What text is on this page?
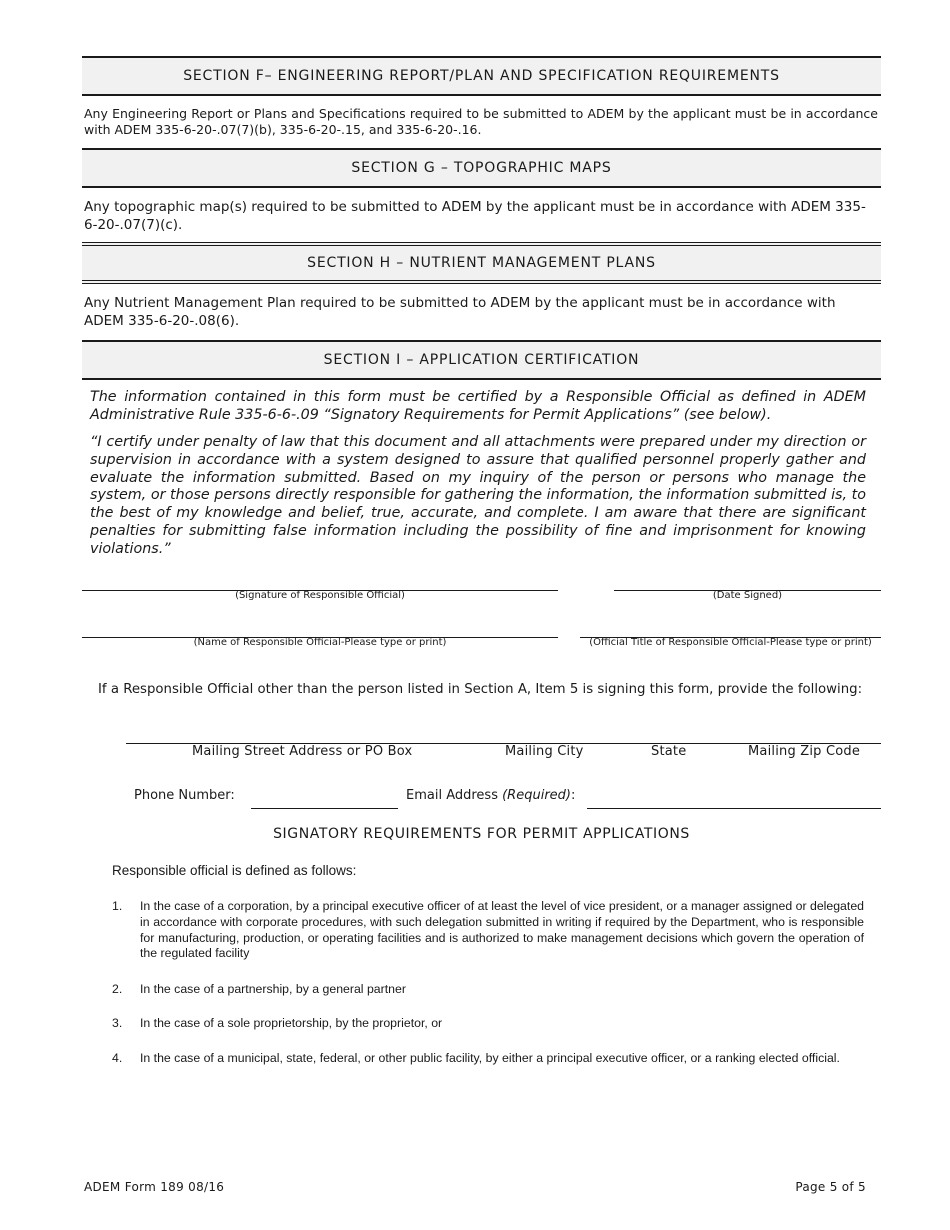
SECTION F– ENGINEERING REPORT/PLAN AND SPECIFICATION REQUIREMENTS

Any Engineering Report or Plans and Specifications required to be submitted to ADEM by the applicant must be in accordance with ADEM 335-6-20-.07(7)(b), 335-6-20-.15, and 335-6-20-.16.

SECTION G – TOPOGRAPHIC MAPS

Any topographic map(s) required to be submitted to ADEM by the applicant must be in accordance with ADEM 335-6-20-.07(7)(c).

SECTION H – NUTRIENT MANAGEMENT PLANS

Any Nutrient Management Plan required to be submitted to ADEM by the applicant must be in accordance with ADEM 335-6-20-.08(6).

SECTION I – APPLICATION CERTIFICATION

The information contained in this form must be certified by a Responsible Official as defined in ADEM Administrative Rule 335-6-6-.09 “Signatory Requirements for Permit Applications” (see below).

“I certify under penalty of law that this document and all attachments were prepared under my direction or supervision in accordance with a system designed to assure that qualified personnel properly gather and evaluate the information submitted. Based on my inquiry of the person or persons who manage the system, or those persons directly responsible for gathering the information, the information submitted is, to the best of my knowledge and belief, true, accurate, and complete. I am aware that there are significant penalties for submitting false information including the possibility of fine and imprisonment for knowing violations.”

(Signature of Responsible Official)	(Date Signed)
(Name of Responsible Official-Please type or print)	(Official Title of Responsible Official-Please type or print)
If a Responsible Official other than the person listed in Section A, Item 5 is signing this form, provide the following:
Mailing Street Address or PO Box	Mailing City	State	Mailing Zip Code
Phone Number:	Email Address (Required):
SIGNATORY REQUIREMENTS FOR PERMIT APPLICATIONS
Responsible official is defined as follows:
1. In the case of a corporation, by a principal executive officer of at least the level of vice president, or a manager assigned or delegated in accordance with corporate procedures, with such delegation submitted in writing if required by the Department, who is responsible for manufacturing, production, or operating facilities and is authorized to make management decisions which govern the operation of the regulated facility
2. In the case of a partnership, by a general partner
3. In the case of a sole proprietorship, by the proprietor, or
4. In the case of a municipal, state, federal, or other public facility, by either a principal executive officer, or a ranking elected official.
ADEM Form 189 08/16	Page 5 of 5
